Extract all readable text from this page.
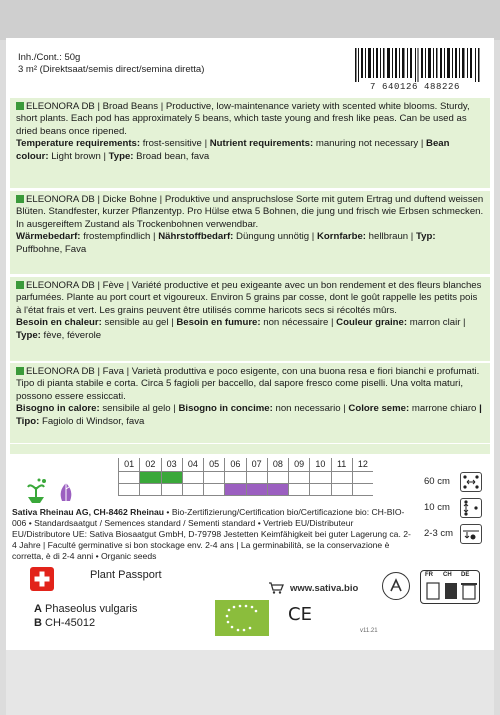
Inh./Cont.: 50g
3 m² (Direktsaat/semis direct/semina diretta)
7 640126 488226
ELEONORA DB | Broad Beans | Productive, low-maintenance variety with scented white blooms. Sturdy, short plants. Each pod has approximately 5 beans, which taste young and fresh like peas. Can be used as dried beans once ripened.
Temperature requirements: frost-sensitive | Nutrient requirements: manuring not necessary | Bean colour: Light brown | Type: Broad bean, fava
ELEONORA DB | Dicke Bohne | Produktive und anspruchslose Sorte mit gutem Ertrag und duftend weissen Blüten. Standfester, kurzer Pflanzentyp. Pro Hülse etwa 5 Bohnen, die jung und frisch wie Erbsen schmecken. In ausgereiftem Zustand als Trockenbohnen verwendbar.
Wärmebedarf: frostempfindlich | Nährstoffbedarf: Düngung unnötig | Kornfarbe: hellbraun | Typ: Puffbohne, Fava
ELEONORA DB | Fève | Variété productive et peu exigeante avec un bon rendement et des fleurs blanches parfumées. Plante au port court et vigoureux. Environ 5 grains par cosse, dont le goût rappelle les petits pois à l'état frais et vert. Les grains peuvent être utilisés comme haricots secs si récoltés mûrs.
Besoin en chaleur: sensible au gel | Besoin en fumure: non nécessaire | Couleur graine: marron clair | Type: fève, féverole
ELEONORA DB | Fava | Varietà produttiva e poco esigente, con una buona resa e fiori bianchi e profumati. Tipo di pianta stabile e corta. Circa 5 fagioli per baccello, dal sapore fresco come piselli. Una volta maturi, possono essere essiccati.
Bisogno in calore: sensibile al gelo | Bisogno in concime: non necessario | Colore seme: marrone chiaro | Tipo: Fagiolo di Windsor, fava
01	02	03	04	05	06	07	08	09	10	11	12
60 cm
10 cm
2-3 cm
Sativa Rheinau AG, CH-8462 Rheinau • Bio-Zertifizierung/Certification bio/Certificazione bio: CH-BIO-006 • Standardsaatgut / Semences standard / Sementi standard • Vertrieb EU/Distributeur EU/Distributore UE: Sativa Biosaatgut GmbH, D-79798 Jestetten Keimfähigkeit bei guter Lagerung ca. 2-4 Jahre | Faculté germinative si bon stockage env. 2-4 ans | La germinabilità, se la conservazione è corretta, è di 2-4 anni • Organic seeds
Plant Passport
A Phaseolus vulgaris
B CH-45012
www.sativa.bio
CE
v11.21
FR CH DE
